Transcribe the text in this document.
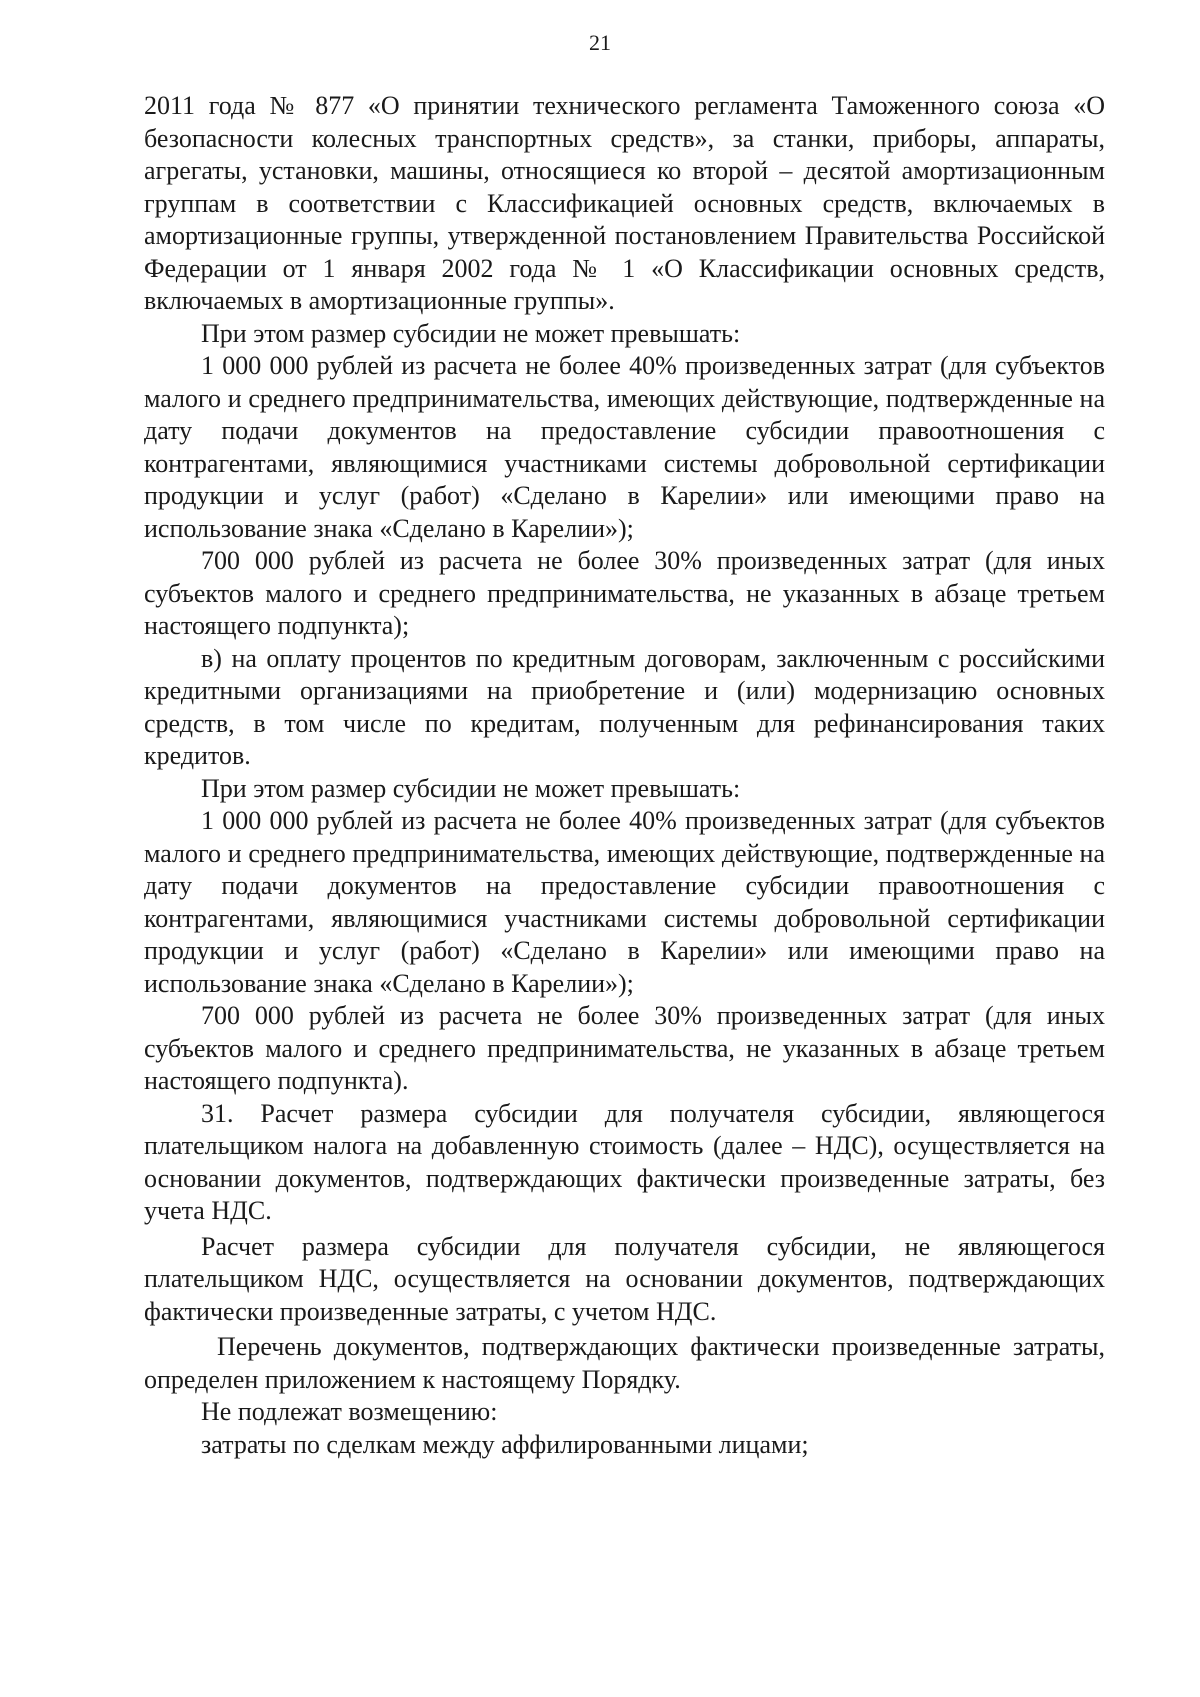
21

2011 года № 877 «О принятии технического регламента Таможенного союза «О безопасности колесных транспортных средств», за станки, приборы, аппараты, агрегаты, установки, машины, относящиеся ко второй – десятой амортизационным группам в соответствии с Классификацией основных средств, включаемых в амортизационные группы, утвержденной постановлением Правительства Российской Федерации от 1 января 2002 года № 1 «О Классификации основных средств, включаемых в амортизационные группы».

При этом размер субсидии не может превышать:

1 000 000 рублей из расчета не более 40% произведенных затрат (для субъектов малого и среднего предпринимательства, имеющих действующие, подтвержденные на дату подачи документов на предоставление субсидии правоотношения с контрагентами, являющимися участниками системы добровольной сертификации продукции и услуг (работ) «Сделано в Карелии» или имеющими право на использование знака «Сделано в Карелии»);

700 000 рублей из расчета не более 30% произведенных затрат (для иных субъектов малого и среднего предпринимательства, не указанных в абзаце третьем настоящего подпункта);

в) на оплату процентов по кредитным договорам, заключенным с российскими кредитными организациями на приобретение и (или) модернизацию основных средств, в том числе по кредитам, полученным для рефинансирования таких кредитов.

При этом размер субсидии не может превышать:

1 000 000 рублей из расчета не более 40% произведенных затрат (для субъектов малого и среднего предпринимательства, имеющих действующие, подтвержденные на дату подачи документов на предоставление субсидии правоотношения с контрагентами, являющимися участниками системы добровольной сертификации продукции и услуг (работ) «Сделано в Карелии» или имеющими право на использование знака «Сделано в Карелии»);

700 000 рублей из расчета не более 30% произведенных затрат (для иных субъектов малого и среднего предпринимательства, не указанных в абзаце третьем настоящего подпункта).

31. Расчет размера субсидии для получателя субсидии, являющегося плательщиком налога на добавленную стоимость (далее – НДС), осуществляется на основании документов, подтверждающих фактически произведенные затраты, без учета НДС.

Расчет размера субсидии для получателя субсидии, не являющегося плательщиком НДС, осуществляется на основании документов, подтверждающих фактически произведенные затраты, с учетом НДС.

Перечень документов, подтверждающих фактически произведенные затраты, определен приложением к настоящему Порядку.

Не подлежат возмещению:

затраты по сделкам между аффилированными лицами;
